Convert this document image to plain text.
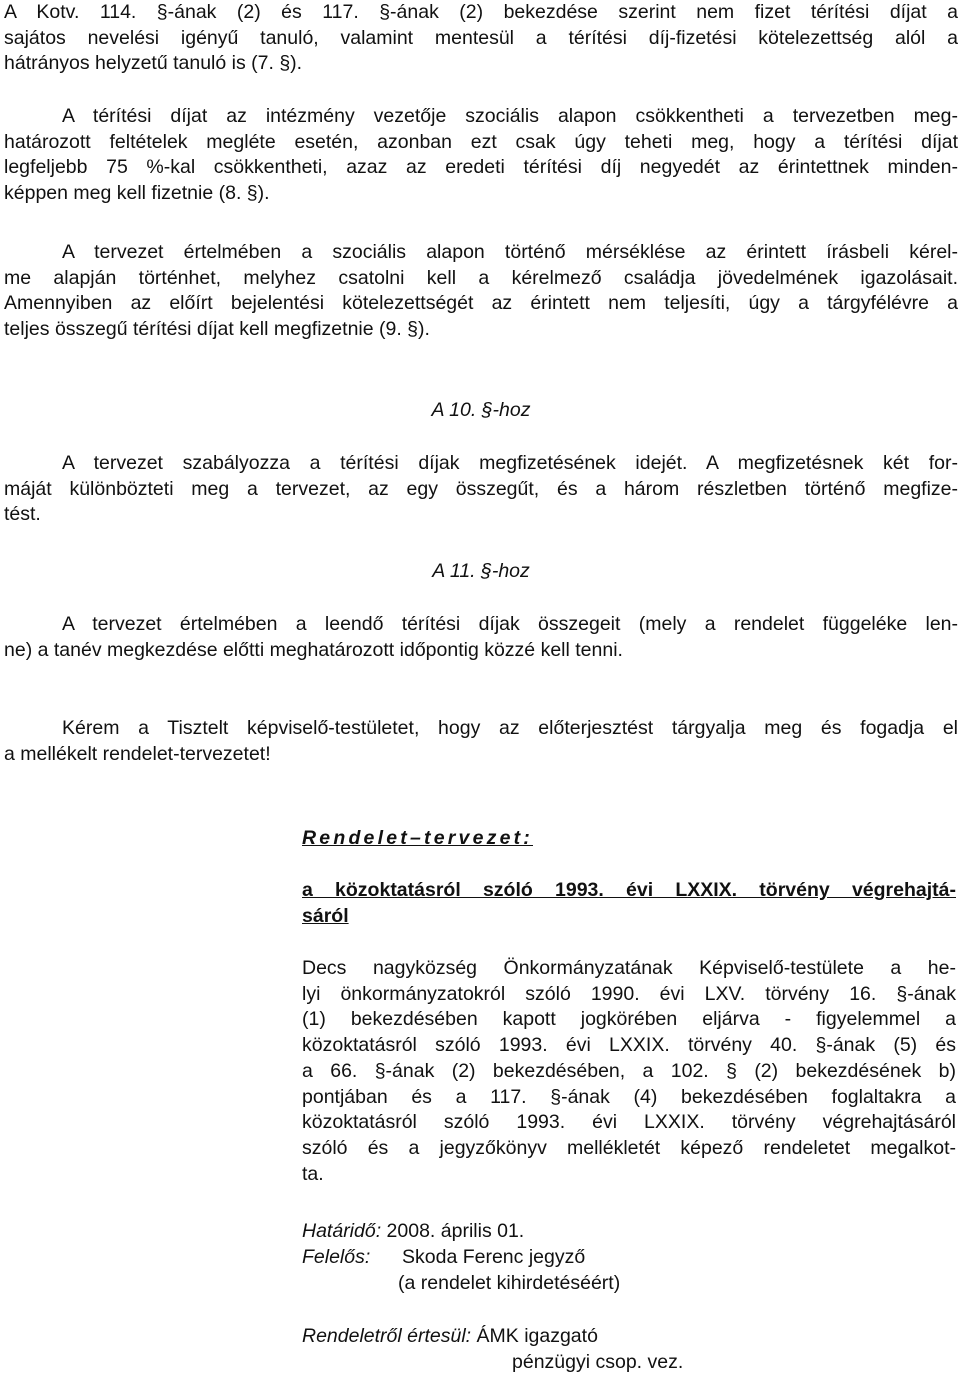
A Kotv. 114. §-ának (2) és 117. §-ának (2) bekezdése szerint nem fizet térítési díjat a
sajátos nevelési igényű tanuló, valamint mentesül a térítési díj-fizetési kötelezettség alól a
hátrányos helyzetű tanuló is (7. §).
A térítési díjat az intézmény vezetője szociális alapon csökkentheti a tervezetben meg-
határozott feltételek megléte esetén, azonban ezt csak úgy teheti meg, hogy a térítési díjat
legfeljebb 75 %-kal csökkentheti, azaz az eredeti térítési díj negyedét az érintettnek minden-
képpen meg kell fizetnie (8. §).
A tervezet értelmében a szociális alapon történő mérséklése az érintett írásbeli kérel-
me alapján történhet, melyhez csatolni kell a kérelmező családja jövedelmének igazolásait.
Amennyiben az előírt bejelentési kötelezettségét az érintett nem teljesíti, úgy a tárgyfélévre a
teljes összegű térítési díjat kell megfizetnie (9. §).
A 10. §-hoz
A tervezet szabályozza a térítési díjak megfizetésének idejét. A megfizetésnek két for-
máját különbözteti meg a tervezet, az egy összegűt, és a három részletben történő megfize-
tést.
A 11. §-hoz
A tervezet értelmében a leendő térítési díjak összegeit (mely a rendelet függeléke len-
ne) a tanév megkezdése előtti meghatározott időpontig közzé kell tenni.
Kérem a Tisztelt képviselő-testületet, hogy az előterjesztést tárgyalja meg és fogadja el
a mellékelt rendelet-tervezetet!
Rendelet–tervezet:
a közoktatásról szóló 1993. évi LXXIX. törvény végrehajtá-
sáról
Decs nagyközség Önkormányzatának Képviselő-testülete a he-
lyi önkormányzatokról szóló 1990. évi LXV. törvény 16. §-ának
(1) bekezdésében kapott jogkörében eljárva - figyelemmel a
közoktatásról szóló 1993. évi LXXIX. törvény 40. §-ának (5) és
a 66. §-ának (2) bekezdésében, a 102. § (2) bekezdésének b)
pontjában és a 117. §-ának (4) bekezdésében foglaltakra a
közoktatásról szóló 1993. évi LXXIX. törvény végrehajtásáról
szóló és a jegyzőkönyv mellékletét képező rendeletet megalkot-
ta.
Határidő: 2008. április 01.
Felelős: Skoda Ferenc jegyző
(a rendelet kihirdetéséért)
Rendeletről értesül: ÁMK igazgató
pénzügyi csop. vez.
